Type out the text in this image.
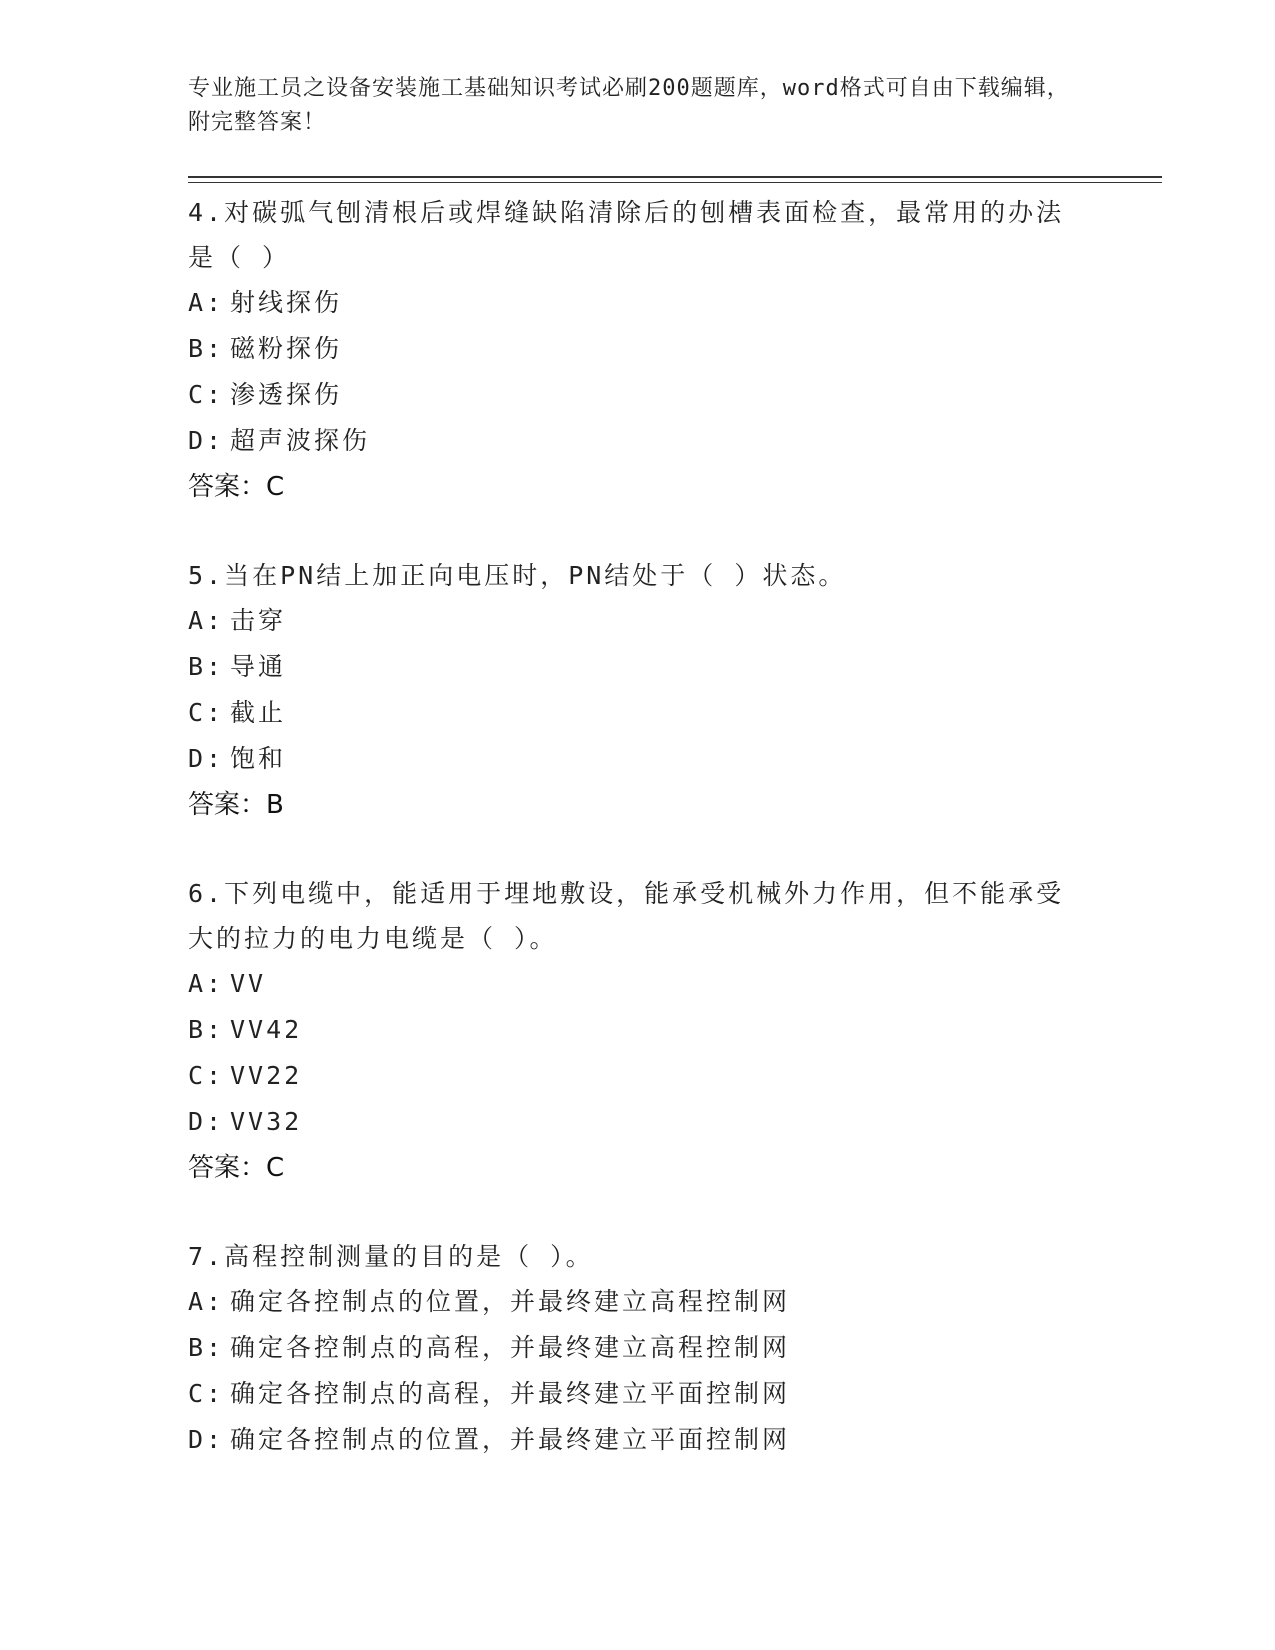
专业施工员之设备安装施工基础知识考试必刷200题题库，word格式可自由下载编辑，附完整答案！
4.对碳弧气刨清根后或焊缝缺陷清除后的刨槽表面检查，最常用的办法是（ ）
A: 射线探伤
B: 磁粉探伤
C: 渗透探伤
D: 超声波探伤
答案：C
5.当在PN结上加正向电压时，PN结处于（ ）状态。
A: 击穿
B: 导通
C: 截止
D: 饱和
答案：B
6.下列电缆中，能适用于埋地敷设，能承受机械外力作用，但不能承受大的拉力的电力电缆是（ ）。
A: VV
B: VV42
C: VV22
D: VV32
答案：C
7.高程控制测量的目的是（ ）。
A: 确定各控制点的位置，并最终建立高程控制网
B: 确定各控制点的高程，并最终建立高程控制网
C: 确定各控制点的高程，并最终建立平面控制网
D: 确定各控制点的位置，并最终建立平面控制网
